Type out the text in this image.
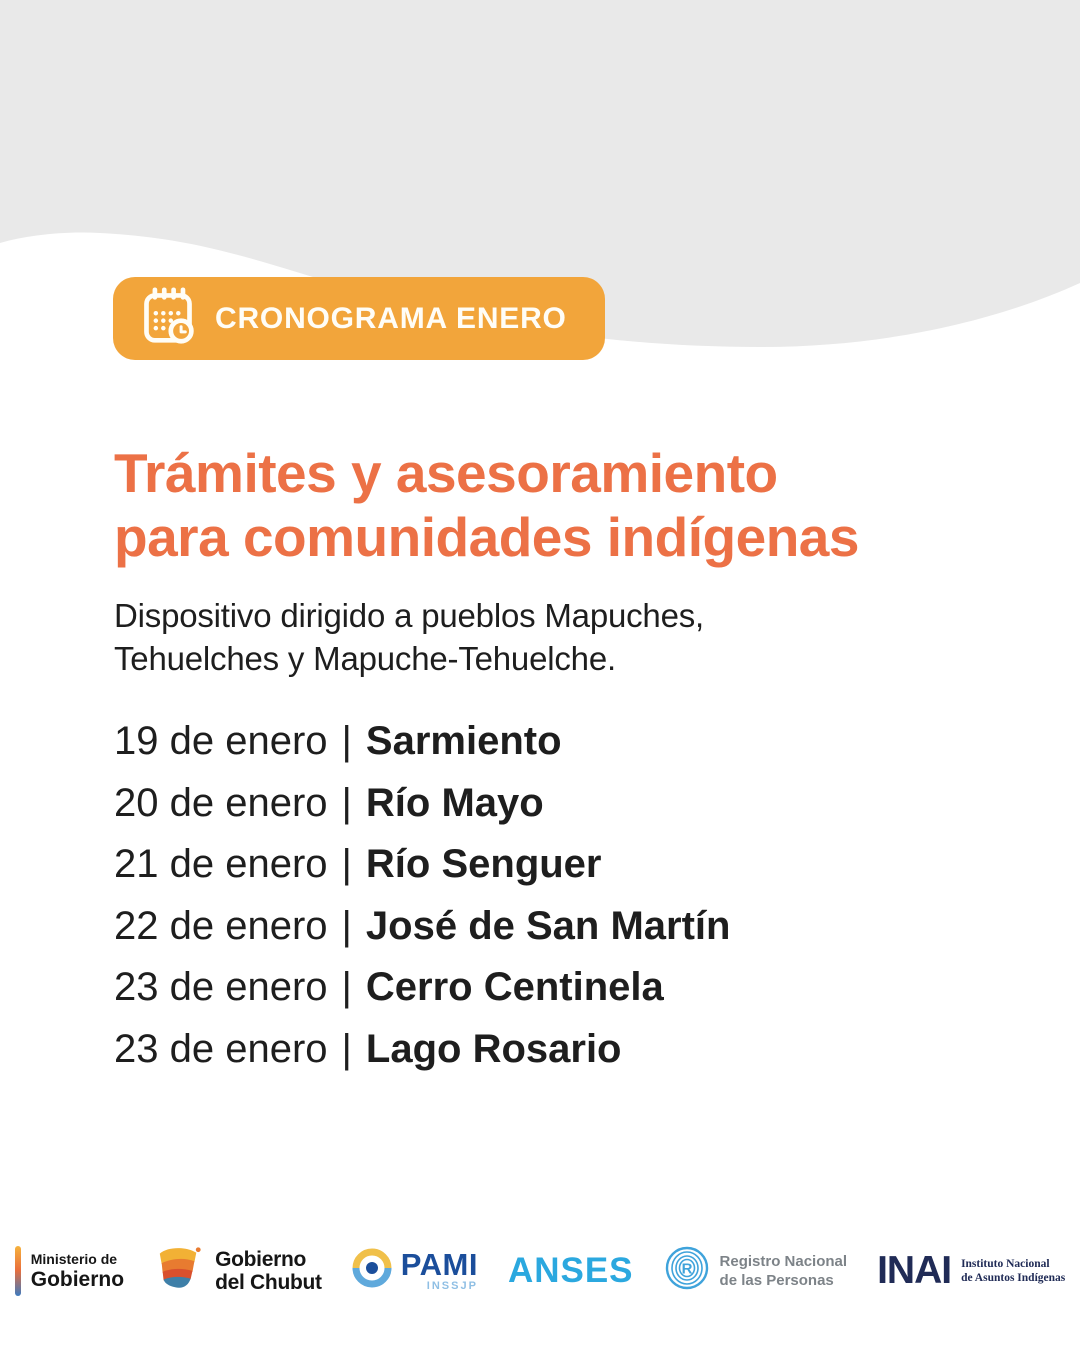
CRONOGRAMA ENERO
Trámites y asesoramiento
para comunidades indígenas
Dispositivo dirigido a pueblos Mapuches,
Tehuelches y Mapuche-Tehuelche.
19 de enero | Sarmiento
20 de enero | Río Mayo
21 de enero | Río Senguer
22 de enero | José de San Martín
23 de enero | Cerro Centinela
23 de enero | Lago Rosario
Ministerio de
Gobierno
Gobierno
del Chubut
PAMI
INSSJP ANSES	R Registro Nacional
de las Personas	INAI Instituto Nacional
de Asuntos Indígenas
